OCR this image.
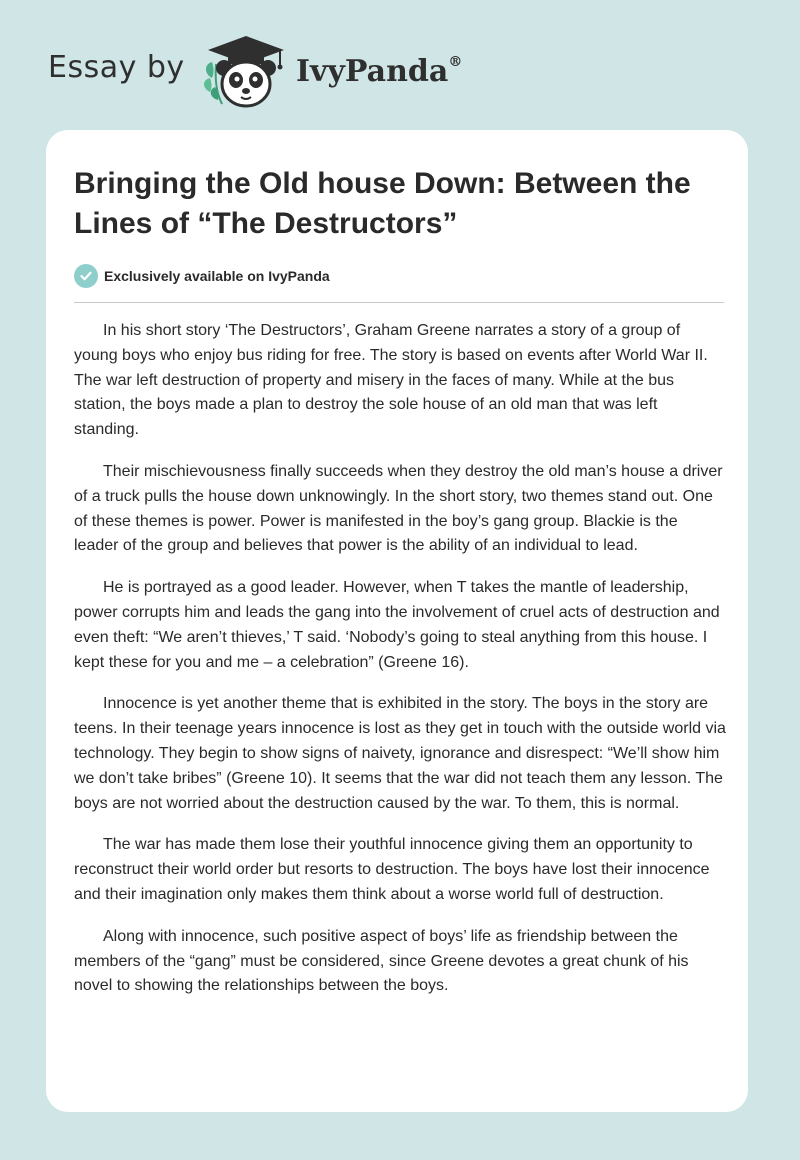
Essay by	IvyPanda®
Bringing the Old house Down: Between the Lines of “The Destructors”
Exclusively available on IvyPanda

In his short story ‘The Destructors’, Graham Greene narrates a story of a group of young boys who enjoy bus riding for free. The story is based on events after World War II. The war left destruction of property and misery in the faces of many. While at the bus station, the boys made a plan to destroy the sole house of an old man that was left standing.

Their mischievousness finally succeeds when they destroy the old man’s house a driver of a truck pulls the house down unknowingly. In the short story, two themes stand out. One of these themes is power. Power is manifested in the boy’s gang group. Blackie is the leader of the group and believes that power is the ability of an individual to lead.

He is portrayed as a good leader. However, when T takes the mantle of leadership, power corrupts him and leads the gang into the involvement of cruel acts of destruction and even theft: “We aren’t thieves,’ T said. ‘Nobody’s going to steal anything from this house. I kept these for you and me – a celebration” (Greene 16).

Innocence is yet another theme that is exhibited in the story. The boys in the story are teens. In their teenage years innocence is lost as they get in touch with the outside world via technology. They begin to show signs of naivety, ignorance and disrespect: “We’ll show him we don’t take bribes” (Greene 10). It seems that the war did not teach them any lesson. The boys are not worried about the destruction caused by the war. To them, this is normal.

The war has made them lose their youthful innocence giving them an opportunity to reconstruct their world order but resorts to destruction. The boys have lost their innocence and their imagination only makes them think about a worse world full of destruction.

Along with innocence, such positive aspect of boys’ life as friendship between the members of the “gang” must be considered, since Greene devotes a great chunk of his novel to showing the relationships between the boys.
